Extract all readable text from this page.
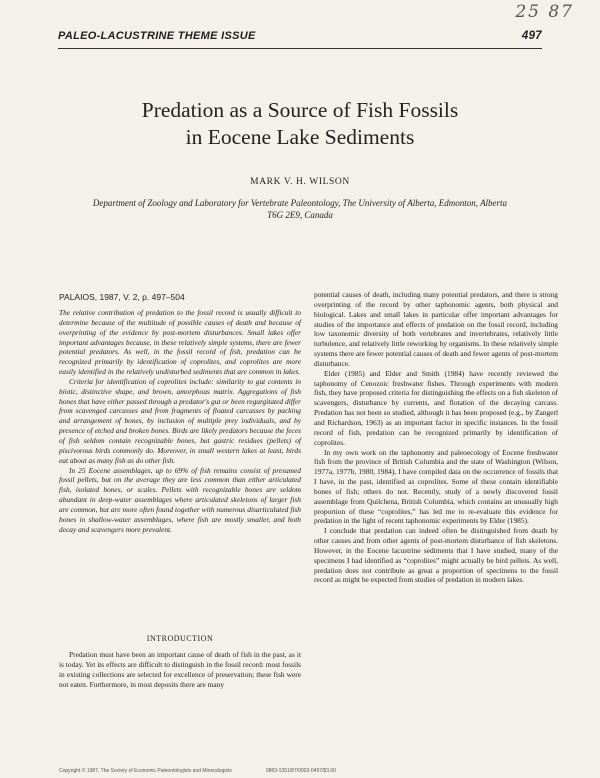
25 87
PALEO-LACUSTRINE THEME ISSUE	497
Predation as a Source of Fish Fossils
in Eocene Lake Sediments
MARK V. H. WILSON
Department of Zoology and Laboratory for Vertebrate Paleontology, The University of Alberta, Edmonton, Alberta
T6G 2E9, Canada
PALAIOS, 1987, V. 2, p. 497–504

The relative contribution of predation to the fossil record is usually difficult to determine because of the multitude of possible causes of death and because of overprinting of the evidence by post-mortem disturbances. Small lakes offer important advantages because, in these relatively simple systems, there are fewer potential predators. As well, in the fossil record of fish, predation can be recognized primarily by identification of coprolites, and coprolites are more easily identified in the relatively undisturbed sediments that are common in lakes.

Criteria for identification of coprolites include: similarity to gut contents in biotic, distinctive shape, and brown, amorphous matrix. Aggregations of fish bones that have either passed through a predator's gut or been regurgitated differ from scavenged carcasses and from fragments of floated carcasses by packing and arrangement of bones, by inclusion of multiple prey individuals, and by presence of etched and broken bones. Birds are likely predators because the feces of fish seldom contain recognizable bones, but gastric residues (pellets) of piscivorous birds commonly do. Moreover, in small western lakes at least, birds eat about as many fish as do other fish.

In 25 Eocene assemblages, up to 69% of fish remains consist of presumed fossil pellets, but on the average they are less common than either articulated fish, isolated bones, or scales. Pellets with recognizable bones are seldom abundant in deep-water assemblages where articulated skeletons of larger fish are common, but are more often found together with numerous disarticulated fish bones in shallow-water assemblages, where fish are mostly smaller, and both decay and scavengers more prevalent.

INTRODUCTION

Predation must have been an important cause of death of fish in the past, as it is today. Yet its effects are difficult to distinguish in the fossil record: most fossils in existing collections are selected for excellence of preservation; these fish were not eaten. Furthermore, in most deposits there are many

potential causes of death, including many potential predators, and there is strong overprinting of the record by other taphonomic agents, both physical and biological. Lakes and small lakes in particular offer important advantages for studies of the importance and effects of predation on the fossil record, including low taxonomic diversity of both vertebrates and invertebrates, relatively little turbulence, and relatively little reworking by organisms. In these relatively simple systems there are fewer potential causes of death and fewer agents of post-mortem disturbance.

Elder (1985) and Elder and Smith (1984) have recently reviewed the taphonomy of Cenozoic freshwater fishes. Through experiments with modern fish, they have proposed criteria for distinguishing the effects on a fish skeleton of scavengers, disturbance by currents, and flotation of the decaying carcass. Predation has not been so studied, although it has been proposed (e.g., by Zangerl and Richardson, 1963) as an important factor in specific instances. In the fossil record of fish, predation can be recognized primarily by identification of coprolites.

In my own work on the taphonomy and paleoecology of Eocene freshwater fish from the province of British Columbia and the state of Washington (Wilson, 1977a, 1977b, 1980, 1984), I have compiled data on the occurrence of fossils that I have, in the past, identified as coprolites. Some of these contain identifiable bones of fish; others do not. Recently, study of a newly discovered fossil assemblage from Quilchena, British Columbia, which contains an unusually high proportion of these “coprolites,” has led me to re-evaluate this evidence for predation in the light of recent taphonomic experiments by Elder (1985).

I conclude that predation can indeed often be distinguished from death by other causes and from other agents of post-mortem disturbance of fish skeletons. However, in the Eocene lacustrine sediments that I have studied, many of the specimens I had identified as “coprolites” might actually be bird pellets. As well, predation does not contribute as great a proportion of specimens to the fossil record as might be expected from studies of predation in modern lakes.

Copyright © 1987, The Society of Economic Paleontologists and Mineralogists	0883-1351/87/0002-0497/$3.00
